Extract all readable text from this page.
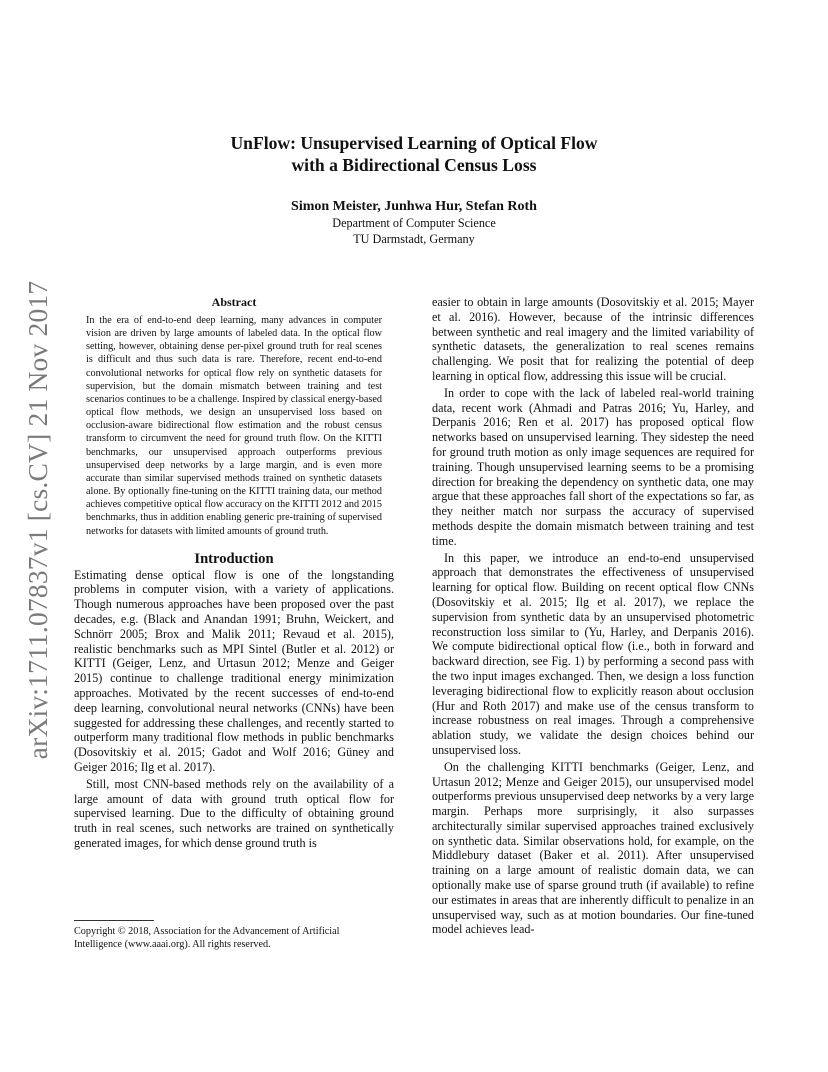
arXiv:1711.07837v1 [cs.CV] 21 Nov 2017
UnFlow: Unsupervised Learning of Optical Flow
with a Bidirectional Census Loss
Simon Meister, Junhwa Hur, Stefan Roth
Department of Computer Science
TU Darmstadt, Germany
Abstract

In the era of end-to-end deep learning, many advances in computer vision are driven by large amounts of labeled data. In the optical flow setting, however, obtaining dense per-pixel ground truth for real scenes is difficult and thus such data is rare. Therefore, recent end-to-end convolutional networks for optical flow rely on synthetic datasets for supervision, but the domain mismatch between training and test scenarios continues to be a challenge. Inspired by classical energy-based optical flow methods, we design an unsupervised loss based on occlusion-aware bidirectional flow estimation and the robust census transform to circumvent the need for ground truth flow. On the KITTI benchmarks, our unsupervised approach outperforms previous unsupervised deep networks by a large margin, and is even more accurate than similar supervised methods trained on synthetic datasets alone. By optionally fine-tuning on the KITTI training data, our method achieves competitive optical flow accuracy on the KITTI 2012 and 2015 benchmarks, thus in addition enabling generic pre-training of supervised networks for datasets with limited amounts of ground truth.

Introduction

Estimating dense optical flow is one of the longstanding problems in computer vision, with a variety of applications. Though numerous approaches have been proposed over the past decades, e.g. (Black and Anandan 1991; Bruhn, Weickert, and Schnörr 2005; Brox and Malik 2011; Revaud et al. 2015), realistic benchmarks such as MPI Sintel (Butler et al. 2012) or KITTI (Geiger, Lenz, and Urtasun 2012; Menze and Geiger 2015) continue to challenge traditional energy minimization approaches. Motivated by the recent successes of end-to-end deep learning, convolutional neural networks (CNNs) have been suggested for addressing these challenges, and recently started to outperform many traditional flow methods in public benchmarks (Dosovitskiy et al. 2015; Gadot and Wolf 2016; Güney and Geiger 2016; Ilg et al. 2017).

Still, most CNN-based methods rely on the availability of a large amount of data with ground truth optical flow for supervised learning. Due to the difficulty of obtaining ground truth in real scenes, such networks are trained on synthetically generated images, for which dense ground truth is

easier to obtain in large amounts (Dosovitskiy et al. 2015; Mayer et al. 2016). However, because of the intrinsic differences between synthetic and real imagery and the limited variability of synthetic datasets, the generalization to real scenes remains challenging. We posit that for realizing the potential of deep learning in optical flow, addressing this issue will be crucial.

In order to cope with the lack of labeled real-world training data, recent work (Ahmadi and Patras 2016; Yu, Harley, and Derpanis 2016; Ren et al. 2017) has proposed optical flow networks based on unsupervised learning. They sidestep the need for ground truth motion as only image sequences are required for training. Though unsupervised learning seems to be a promising direction for breaking the dependency on synthetic data, one may argue that these approaches fall short of the expectations so far, as they neither match nor surpass the accuracy of supervised methods despite the domain mismatch between training and test time.

In this paper, we introduce an end-to-end unsupervised approach that demonstrates the effectiveness of unsupervised learning for optical flow. Building on recent optical flow CNNs (Dosovitskiy et al. 2015; Ilg et al. 2017), we replace the supervision from synthetic data by an unsupervised photometric reconstruction loss similar to (Yu, Harley, and Derpanis 2016). We compute bidirectional optical flow (i.e., both in forward and backward direction, see Fig. 1) by performing a second pass with the two input images exchanged. Then, we design a loss function leveraging bidirectional flow to explicitly reason about occlusion (Hur and Roth 2017) and make use of the census transform to increase robustness on real images. Through a comprehensive ablation study, we validate the design choices behind our unsupervised loss.

On the challenging KITTI benchmarks (Geiger, Lenz, and Urtasun 2012; Menze and Geiger 2015), our unsupervised model outperforms previous unsupervised deep networks by a very large margin. Perhaps more surprisingly, it also surpasses architecturally similar supervised approaches trained exclusively on synthetic data. Similar observations hold, for example, on the Middlebury dataset (Baker et al. 2011). After unsupervised training on a large amount of realistic domain data, we can optionally make use of sparse ground truth (if available) to refine our estimates in areas that are inherently difficult to penalize in an unsupervised way, such as at motion boundaries. Our fine-tuned model achieves lead-

Copyright © 2018, Association for the Advancement of Artificial
Intelligence (www.aaai.org). All rights reserved.
